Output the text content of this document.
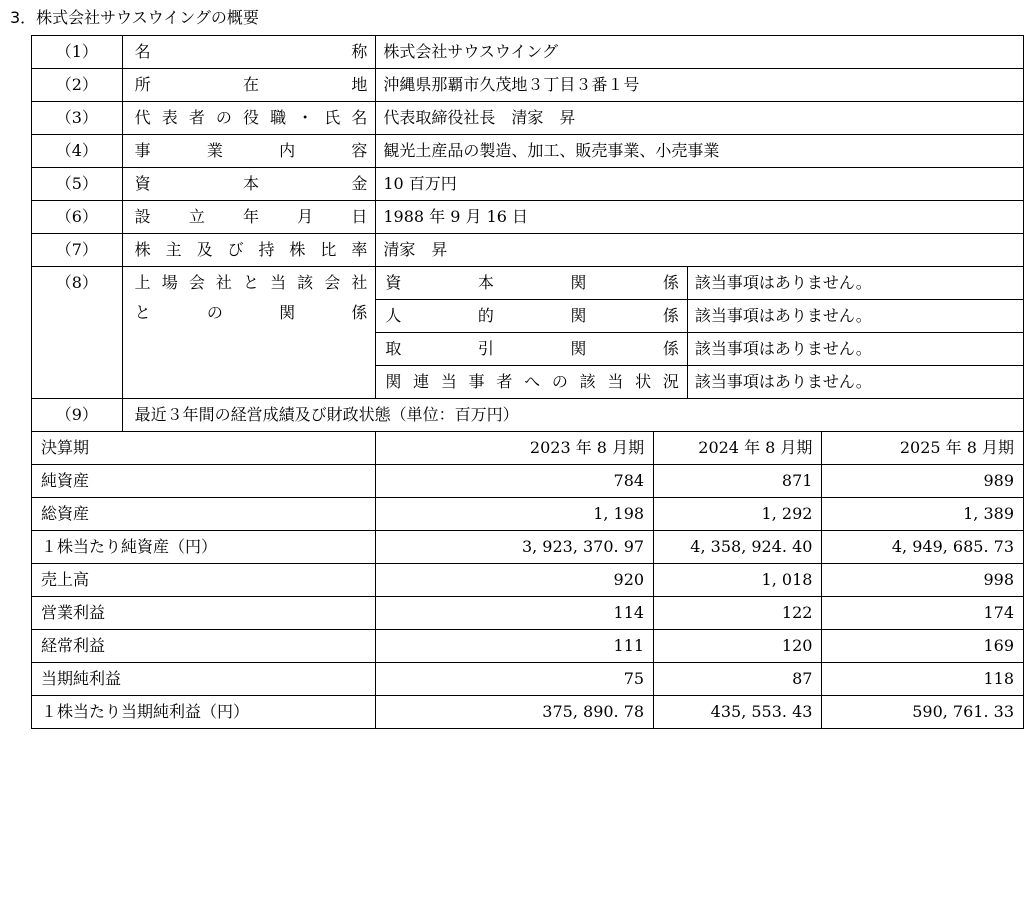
3．株式会社サウスウイングの概要
（1）	名称	株式会社サウスウイング			
（2）	所在地	沖縄県那覇市久茂地３丁目３番１号			
（3）	代表者の役職・氏名	代表取締役社長　清家　昇			
（4）	事業内容	観光土産品の製造、加工、販売事業、小売事業			
（5）	資本金	10 百万円			
（6）	設立年月日	1988 年 9 月 16 日			
（7）	株主及び持株比率	清家　昇			
（8）	上場会社と当該会社
との関係	資本関係		該当事項はありません。	
		人的関係		該当事項はありません。	
		取引関係		該当事項はありません。	
		関連当事者への該当状況		該当事項はありません。	
（9）	最近３年間の経営成績及び財政状態（単位：百万円）				
決算期		2023 年 8 月期	2024 年 8 月期		2025 年 8 月期
純資産		784	871		989
総資産		1, 198	1, 292		1, 389
１株当たり純資産（円）		3, 923, 370. 97	4, 358, 924. 40		4, 949, 685. 73
売上高		920	1, 018		998
営業利益		114	122		174
経常利益		111	120		169
当期純利益		75	87		118
１株当たり当期純利益（円）		375, 890. 78	435, 553. 43		590, 761. 33
